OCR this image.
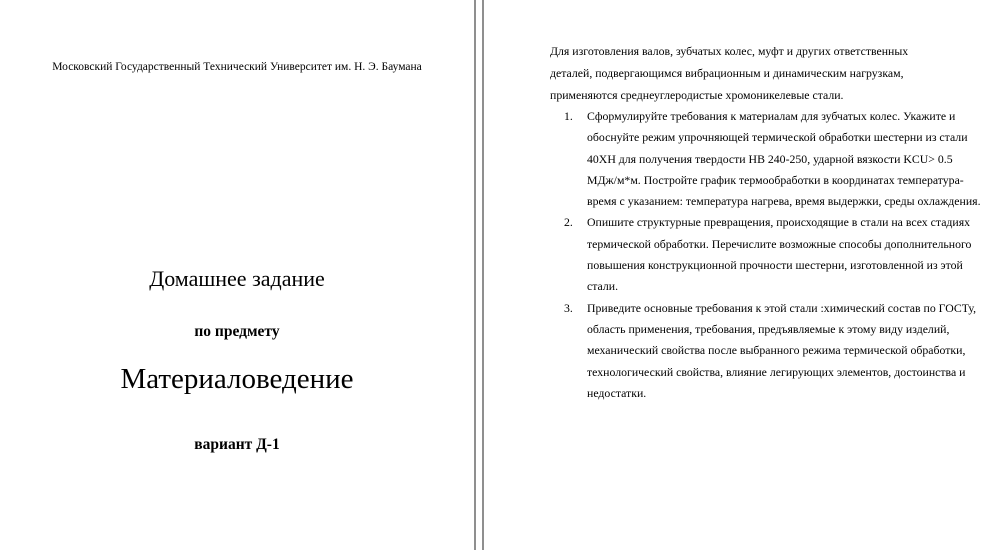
Московский Государственный Технический Университет им. Н. Э. Баумана
Домашнее задание
по предмету
Материаловедение
вариант Д-1
Для изготовления валов, зубчатых колес, муфт и других ответственных деталей, подвергающимся вибрационным и динамическим нагрузкам, применяются среднеуглеродистые хромоникелевые стали.
1. Сформулируйте требования к материалам для зубчатых колес. Укажите и обоснуйте режим упрочняющей термической обработки шестерни из стали 40ХН для получения твердости НВ 240-250, ударной вязкости KCU> 0.5 МДж/м*м. Постройте график термообработки в координатах температура-время с указанием: температура нагрева, время выдержки, среды охлаждения.
2. Опишите структурные превращения, происходящие в стали на всех стадиях термической обработки. Перечислите возможные способы дополнительного повышения конструкционной прочности шестерни, изготовленной из этой стали.
3. Приведите основные требования к этой стали :химический состав по ГОСТу, область применения, требования, предъявляемые к этому виду изделий, механический свойства после выбранного режима термической обработки, технологический свойства, влияние легирующих элементов, достоинства и недостатки.
